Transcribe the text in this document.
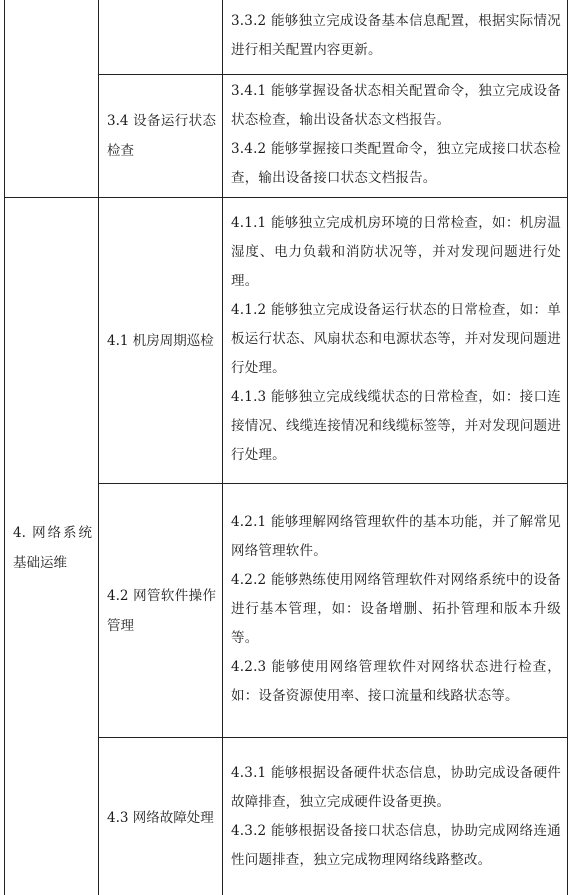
		3.3.2 能够独立完成设备基本信息配置，根据实际情况进行相关配置内容更新。

	3.4 设备运行状态检查	3.4.1 能够掌握设备状态相关配置命令，独立完成设备状态检查，输出设备状态文档报告。

3.4.2 能够掌握接口类配置命令，独立完成接口状态检查，输出设备接口状态文档报告。

4. 网络系统基础运维	4.1 机房周期巡检	4.1.1 能够独立完成机房环境的日常检查，如：机房温湿度、电力负载和消防状况等，并对发现问题进行处理。

4.1.2 能够独立完成设备运行状态的日常检查，如：单板运行状态、风扇状态和电源状态等，并对发现问题进行处理。

4.1.3 能够独立完成线缆状态的日常检查，如：接口连接情况、线缆连接情况和线缆标签等，并对发现问题进行处理。

	4.2 网管软件操作管理	4.2.1 能够理解网络管理软件的基本功能，并了解常见网络管理软件。

4.2.2 能够熟练使用网络管理软件对网络系统中的设备进行基本管理，如：设备增删、拓扑管理和版本升级等。

4.2.3 能够使用网络管理软件对网络状态进行检查，如：设备资源使用率、接口流量和线路状态等。

	4.3 网络故障处理	4.3.1 能够根据设备硬件状态信息，协助完成设备硬件故障排查，独立完成硬件设备更换。

4.3.2 能够根据设备接口状态信息，协助完成网络连通性问题排查，独立完成物理网络线路整改。
